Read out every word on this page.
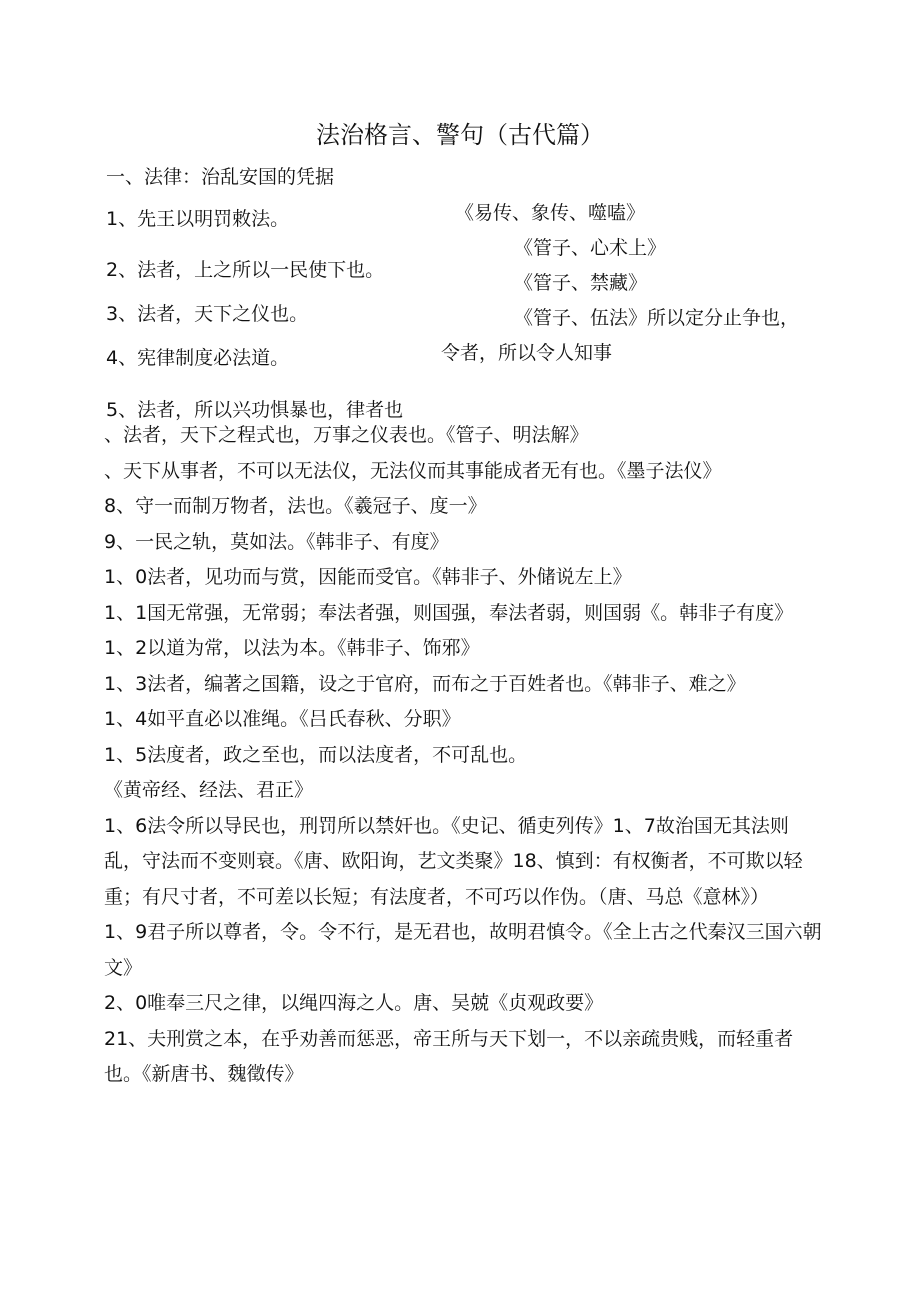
法治格言、警句（古代篇）
一、法律：治乱安国的凭据
1、先王以明罚敕法。
2、法者，上之所以一民使下也。
3、法者，天下之仪也。
4、宪律制度必法道。
《易传、象传、噬嗑》
《管子、心术上》
《管子、禁藏》
《管子、伍法》所以定分止争也，
令者，所以令人知事
5、法者，所以兴功惧暴也，律者也

、法者，天下之程式也，万事之仪表也。《管子、明法解》

、天下从事者，不可以无法仪，无法仪而其事能成者无有也。《墨子法仪》

8、守一而制万物者，法也。《羲冠子、度一》

9、一民之轨，莫如法。《韩非子、有度》

1、0法者，见功而与赏，因能而受官。《韩非子、外储说左上》

1、1国无常强，无常弱；奉法者强，则国强，奉法者弱，则国弱《。韩非子有度》

1、2以道为常，以法为本。《韩非子、饰邪》

1、3法者，编著之国籍，设之于官府，而布之于百姓者也。《韩非子、难之》

1、4如平直必以准绳。《吕氏春秋、分职》

1、5法度者，政之至也，而以法度者，不可乱也。

《黄帝经、经法、君正》

1、6法令所以导民也，刑罚所以禁奸也。《史记、循吏列传》1、7故治国无其法则乱，守法而不变则衰。《唐、欧阳询，艺文类聚》18、慎到：有权衡者，不可欺以轻重；有尺寸者，不可差以长短；有法度者，不可巧以作伪。（唐、马总《意林》）

1、9君子所以尊者，令。令不行，是无君也，故明君慎令。《全上古之代秦汉三国六朝文》

2、0唯奉三尺之律，以绳四海之人。唐、吴兢《贞观政要》

21、夫刑赏之本，在乎劝善而惩恶，帝王所与天下划一，不以亲疏贵贱，而轻重者也。《新唐书、魏徵传》
